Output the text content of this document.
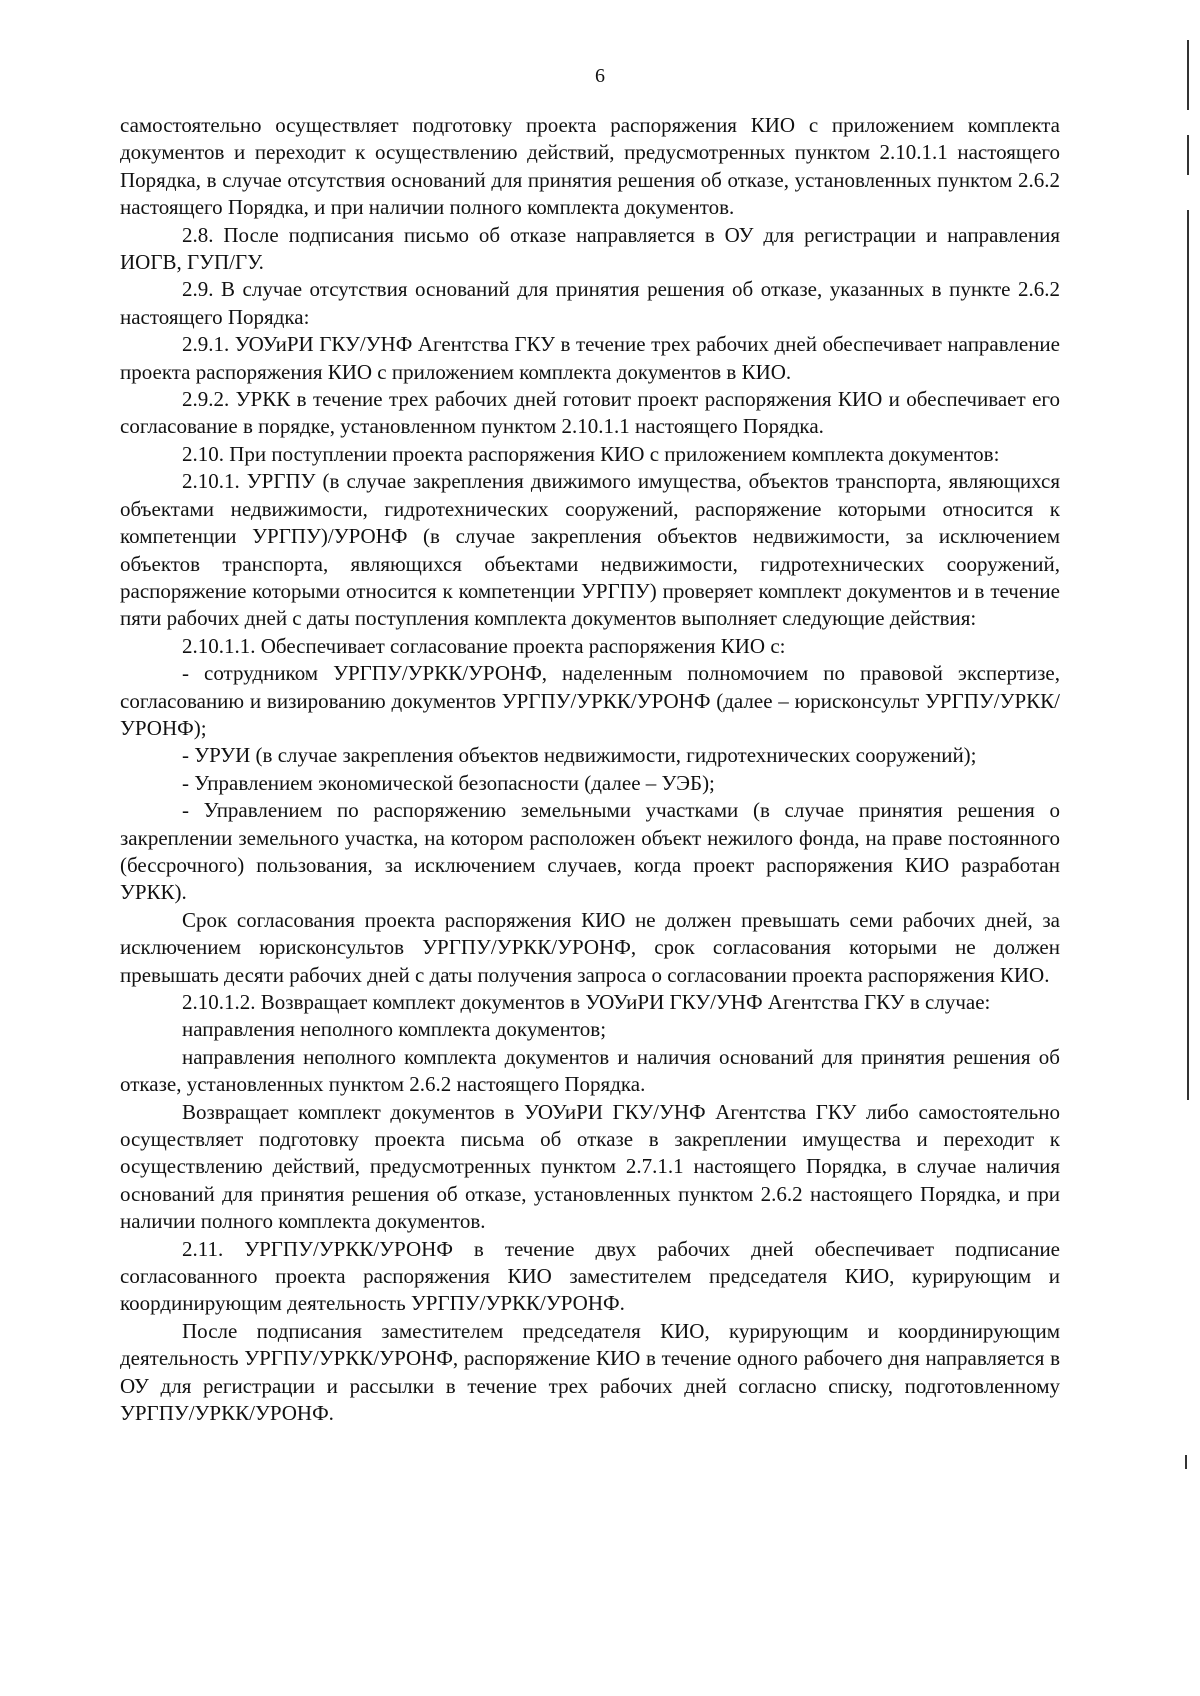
6

самостоятельно осуществляет подготовку проекта распоряжения КИО с приложением комплекта документов и переходит к осуществлению действий, предусмотренных пунктом 2.10.1.1 настоящего Порядка, в случае отсутствия оснований для принятия решения об отказе, установленных пунктом 2.6.2 настоящего Порядка, и при наличии полного комплекта документов.

2.8. После подписания письмо об отказе направляется в ОУ для регистрации и направления ИОГВ, ГУП/ГУ.

2.9. В случае отсутствия оснований для принятия решения об отказе, указанных в пункте 2.6.2 настоящего Порядка:

2.9.1. УОУиРИ ГКУ/УНФ Агентства ГКУ в течение трех рабочих дней обеспечивает направление проекта распоряжения КИО с приложением комплекта документов в КИО.

2.9.2. УРКК в течение трех рабочих дней готовит проект распоряжения КИО и обеспечивает его согласование в порядке, установленном пунктом 2.10.1.1 настоящего Порядка.

2.10. При поступлении проекта распоряжения КИО с приложением комплекта документов:

2.10.1. УРГПУ (в случае закрепления движимого имущества, объектов транспорта, являющихся объектами недвижимости, гидротехнических сооружений, распоряжение которыми относится к компетенции УРГПУ)/УРОНФ (в случае закрепления объектов недвижимости, за исключением объектов транспорта, являющихся объектами недвижимости, гидротехнических сооружений, распоряжение которыми относится к компетенции УРГПУ) проверяет комплект документов и в течение пяти рабочих дней с даты поступления комплекта документов выполняет следующие действия:

2.10.1.1. Обеспечивает согласование проекта распоряжения КИО с:

- сотрудником УРГПУ/УРКК/УРОНФ, наделенным полномочием по правовой экспертизе, согласованию и визированию документов УРГПУ/УРКК/УРОНФ (далее – юрисконсульт УРГПУ/УРКК/УРОНФ);

- УРУИ (в случае закрепления объектов недвижимости, гидротехнических сооружений);

- Управлением экономической безопасности (далее – УЭБ);

- Управлением по распоряжению земельными участками (в случае принятия решения о закреплении земельного участка, на котором расположен объект нежилого фонда, на праве постоянного (бессрочного) пользования, за исключением случаев, когда проект распоряжения КИО разработан УРКК).

Срок согласования проекта распоряжения КИО не должен превышать семи рабочих дней, за исключением юрисконсультов УРГПУ/УРКК/УРОНФ, срок согласования которыми не должен превышать десяти рабочих дней с даты получения запроса о согласовании проекта распоряжения КИО.

2.10.1.2. Возвращает комплект документов в УОУиРИ ГКУ/УНФ Агентства ГКУ в случае:

направления неполного комплекта документов;

направления неполного комплекта документов и наличия оснований для принятия решения об отказе, установленных пунктом 2.6.2 настоящего Порядка.

Возвращает комплект документов в УОУиРИ ГКУ/УНФ Агентства ГКУ либо самостоятельно осуществляет подготовку проекта письма об отказе в закреплении имущества и переходит к осуществлению действий, предусмотренных пунктом 2.7.1.1 настоящего Порядка, в случае наличия оснований для принятия решения об отказе, установленных пунктом 2.6.2 настоящего Порядка, и при наличии полного комплекта документов.

2.11. УРГПУ/УРКК/УРОНФ в течение двух рабочих дней обеспечивает подписание согласованного проекта распоряжения КИО заместителем председателя КИО, курирующим и координирующим деятельность УРГПУ/УРКК/УРОНФ.

После подписания заместителем председателя КИО, курирующим и координирующим деятельность УРГПУ/УРКК/УРОНФ, распоряжение КИО в течение одного рабочего дня направляется в ОУ для регистрации и рассылки в течение трех рабочих дней согласно списку, подготовленному УРГПУ/УРКК/УРОНФ.
